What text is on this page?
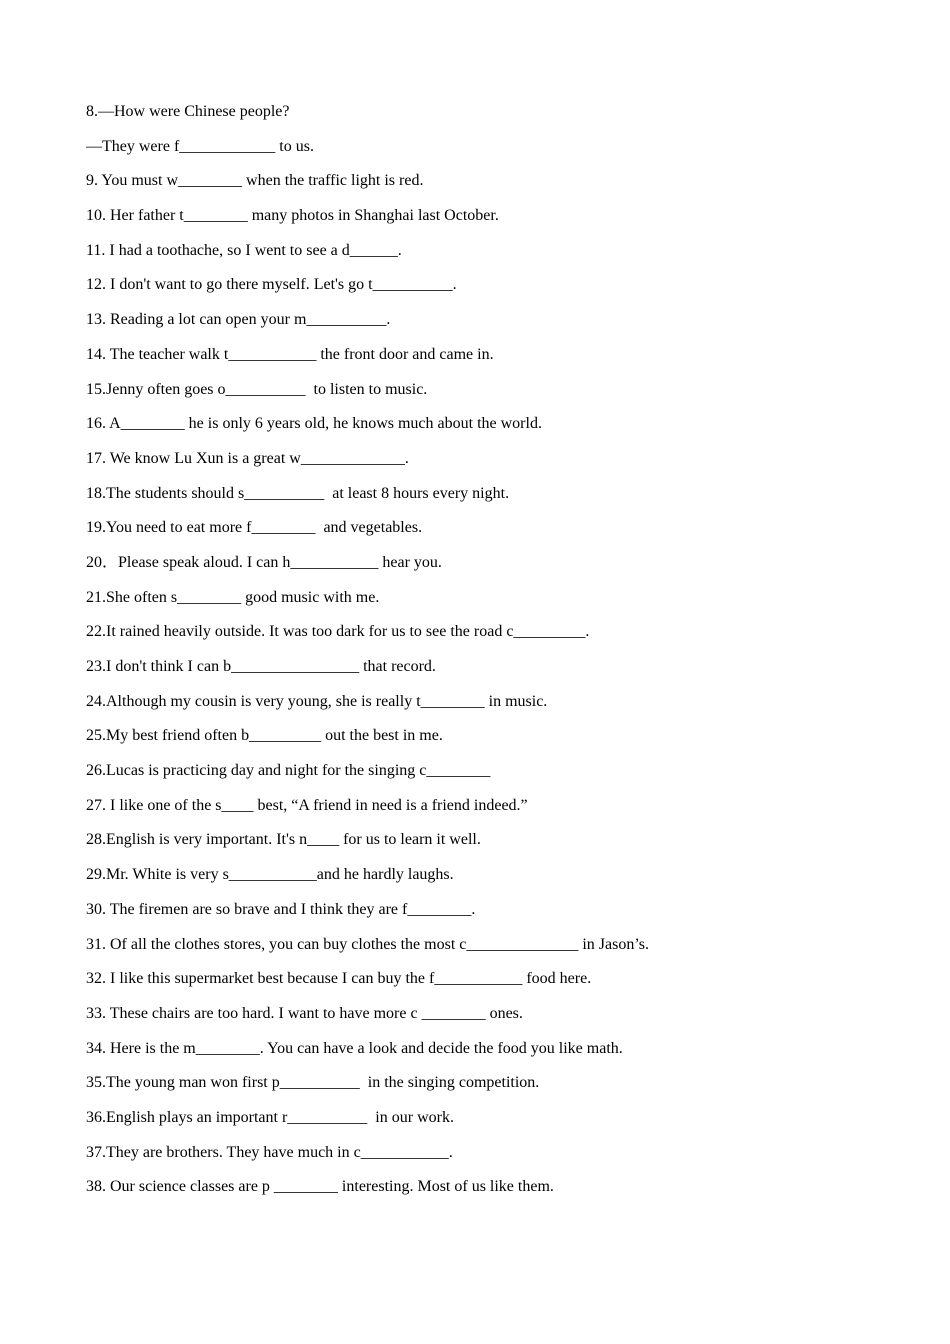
8.—How were Chinese people?
—They were f____________ to us.
9. You must w________ when the traffic light is red.
10. Her father t________ many photos in Shanghai last October.
11. I had a toothache, so I went to see a d______.
12. I don't want to go there myself. Let's go t__________.
13. Reading a lot can open your m__________.
14. The teacher walk t___________ the front door and came in.
15.Jenny often goes o__________  to listen to music.
16. A________ he is only 6 years old, he knows much about the world.
17. We know Lu Xun is a great w_____________.
18.The students should s__________  at least 8 hours every night.
19.You need to eat more f________  and vegetables.
20．Please speak aloud. I can h___________ hear you.
21.She often s________ good music with me.
22.It rained heavily outside. It was too dark for us to see the road c_________.
23.I don't think I can b________________ that record.
24.Although my cousin is very young, she is really t________ in music.
25.My best friend often b_________ out the best in me.
26.Lucas is practicing day and night for the singing c________
27. I like one of the s____ best, “A friend in need is a friend indeed.”
28.English is very important. It's n____ for us to learn it well.
29.Mr. White is very s___________and he hardly laughs.
30. The firemen are so brave and I think they are f________.
31. Of all the clothes stores, you can buy clothes the most c______________ in Jason’s.
32. I like this supermarket best because I can buy the f___________ food here.
33. These chairs are too hard. I want to have more c ________ ones.
34. Here is the m________. You can have a look and decide the food you like math.
35.The young man won first p__________  in the singing competition.
36.English plays an important r__________  in our work.
37.They are brothers. They have much in c___________.
38. Our science classes are p ________ interesting. Most of us like them.
